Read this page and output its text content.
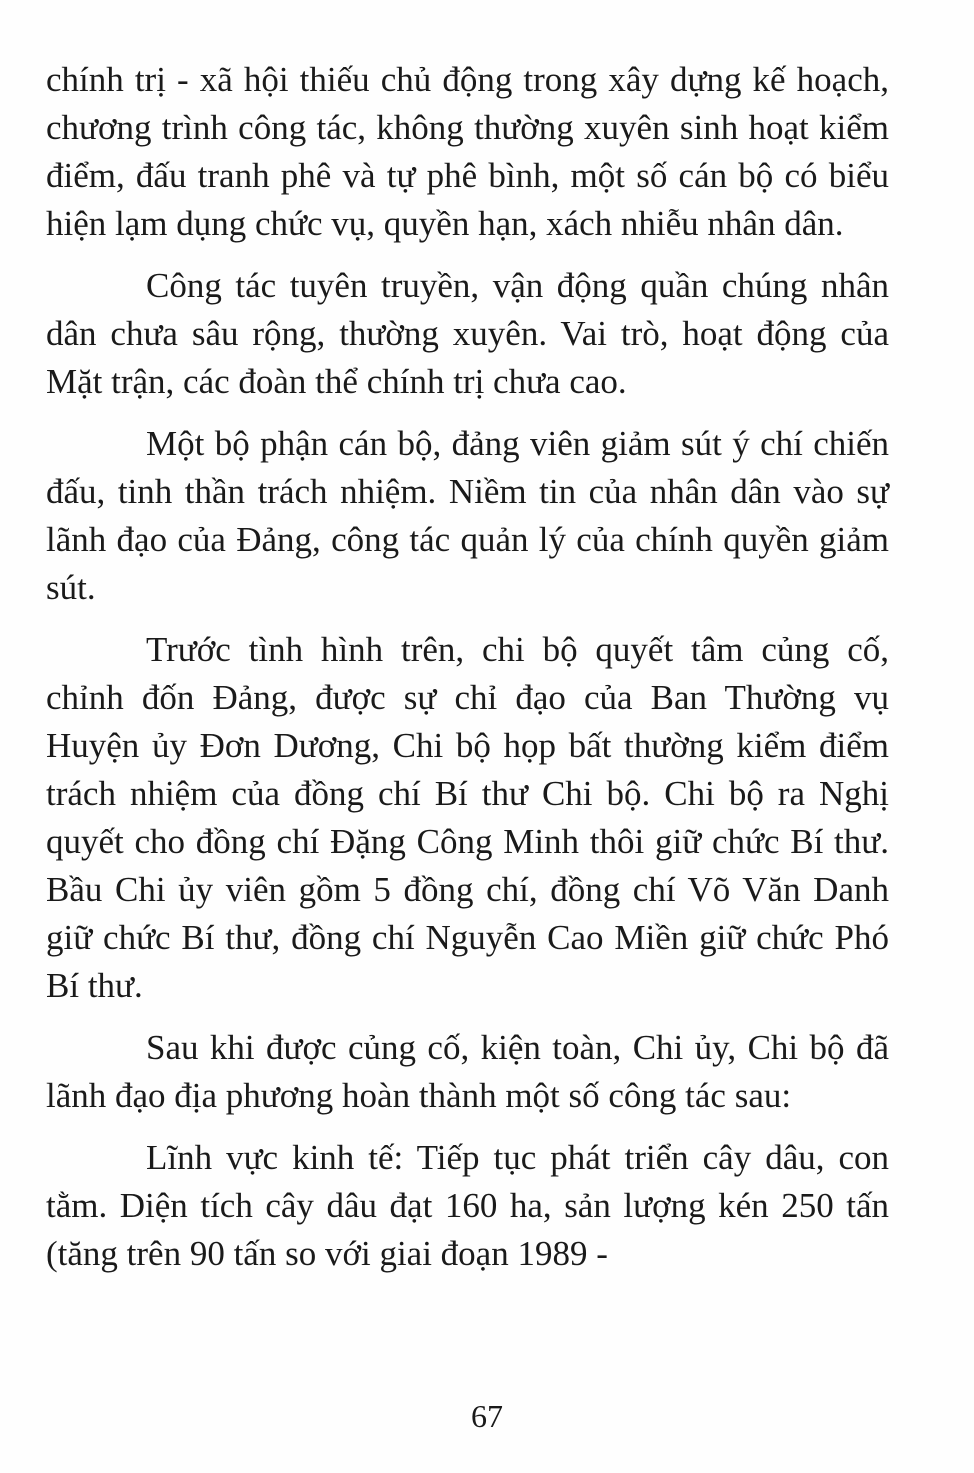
chính trị - xã hội thiếu chủ động trong xây dựng kế hoạch, chương trình công tác, không thường xuyên sinh hoạt kiểm điểm, đấu tranh phê và tự phê bình, một số cán bộ có biểu hiện lạm dụng chức vụ, quyền hạn, xách nhiễu nhân dân.

Công tác tuyên truyền, vận động quần chúng nhân dân chưa sâu rộng, thường xuyên. Vai trò, hoạt động của Mặt trận, các đoàn thể chính trị chưa cao.

Một bộ phận cán bộ, đảng viên giảm sút ý chí chiến đấu, tinh thần trách nhiệm. Niềm tin của nhân dân vào sự lãnh đạo của Đảng, công tác quản lý của chính quyền giảm sút.

Trước tình hình trên, chi bộ quyết tâm củng cố, chỉnh đốn Đảng, được sự chỉ đạo của Ban Thường vụ Huyện ủy Đơn Dương, Chi bộ họp bất thường kiểm điểm trách nhiệm của đồng chí Bí thư Chi bộ. Chi bộ ra Nghị quyết cho đồng chí Đặng Công Minh thôi giữ chức Bí thư. Bầu Chi ủy viên gồm 5 đồng chí, đồng chí Võ Văn Danh giữ chức Bí thư, đồng chí Nguyễn Cao Miền giữ chức Phó Bí thư.

Sau khi được củng cố, kiện toàn, Chi ủy, Chi bộ đã lãnh đạo địa phương hoàn thành một số công tác sau:

Lĩnh vực kinh tế: Tiếp tục phát triển cây dâu, con tằm. Diện tích cây dâu đạt 160 ha, sản lượng kén 250 tấn (tăng trên 90 tấn so với giai đoạn 1989 -

67
